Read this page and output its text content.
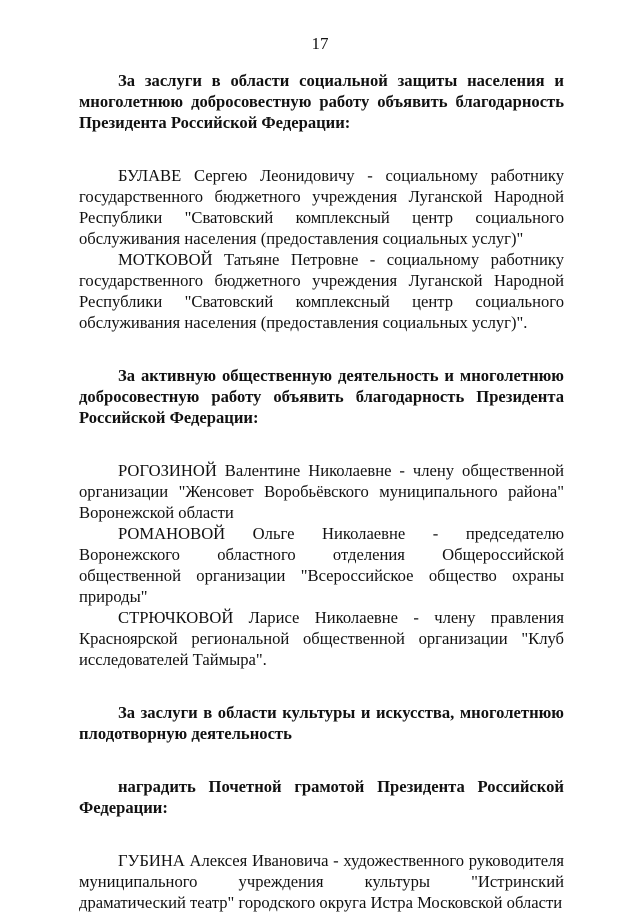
17

За заслуги в области социальной защиты населения и многолетнюю добросовестную работу объявить благодарность Президента Российской Федерации:

БУЛАВЕ Сергею Леонидовичу - социальному работнику государственного бюджетного учреждения Луганской Народной Республики "Сватовский комплексный центр социального обслуживания населения (предоставления социальных услуг)"

МОТКОВОЙ Татьяне Петровне - социальному работнику государственного бюджетного учреждения Луганской Народной Республики "Сватовский комплексный центр социального обслуживания населения (предоставления социальных услуг)".

За активную общественную деятельность и многолетнюю добросовестную работу объявить благодарность Президента Российской Федерации:

РОГОЗИНОЙ Валентине Николаевне - члену общественной организации "Женсовет Воробьёвского муниципального района" Воронежской области

РОМАНОВОЙ Ольге Николаевне - председателю Воронежского областного отделения Общероссийской общественной организации "Всероссийское общество охраны природы"

СТРЮЧКОВОЙ Ларисе Николаевне - члену правления Красноярской региональной общественной организации "Клуб исследователей Таймыра".

За заслуги в области культуры и искусства, многолетнюю плодотворную деятельность

наградить Почетной грамотой Президента Российской Федерации:

ГУБИНА Алексея Ивановича - художественного руководителя муниципального учреждения культуры "Истринский драматический театр" городского округа Истра Московской области
